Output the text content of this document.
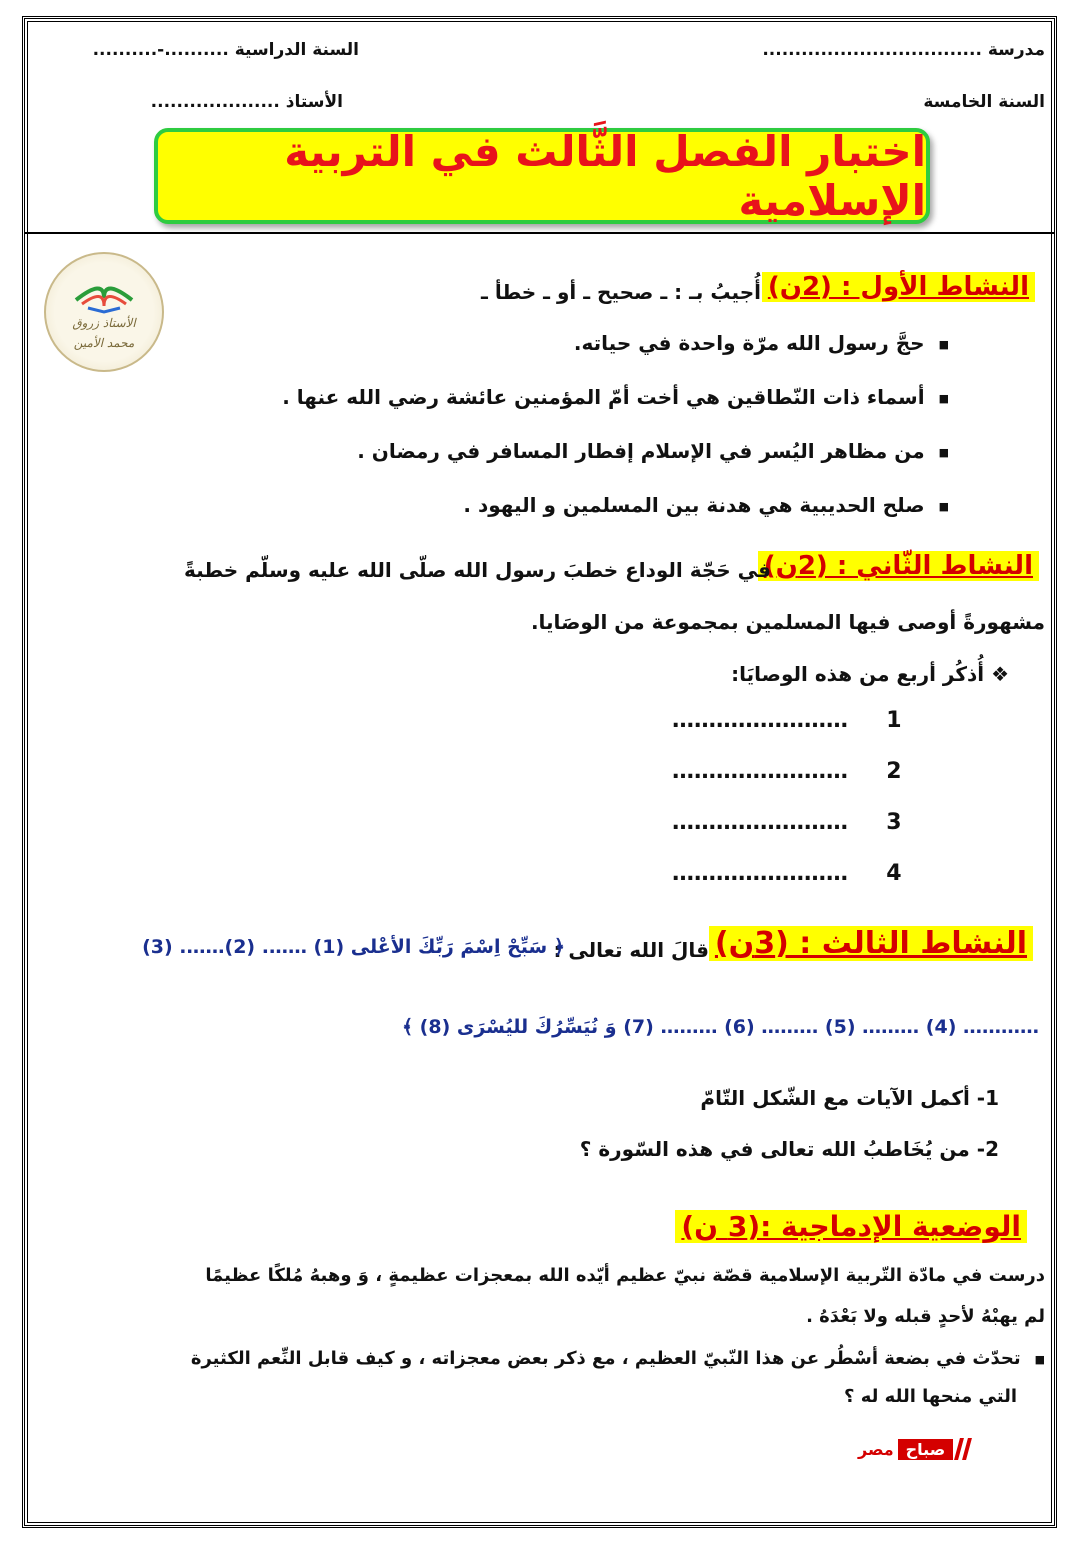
مدرسة ..................................
السنة الدراسية ..........-..........
السنة الخامسة
الأستاذ ....................
اختبار الفصل الثَّالث في التربية الإسلامية
الأستاذ زروق
محمد الأمين
النشاط الأول : (2ن)
أُجيبُ بـ : ـ صحيح ـ أو ـ خطأ ـ
■ حجَّ رسول الله مرّة واحدة في حياته.
■ أسماء ذات النّطاقين هي أخت أمّ المؤمنين عائشة رضي الله عنها .
■ من مظاهر اليُسر في الإسلام إفطار المسافر في رمضان .
■ صلح الحديبية هي هدنة بين المسلمين و اليهود .
النشاط الثّاني : (2ن)
في حَجّة الوداع خطبَ رسول الله صلّى الله عليه وسلّم خطبةً
مشهورةً أوصى فيها المسلمين بمجموعة من الوصَايا.
❖ أُذكُر أربع من هذه الوصايَا:
…………………… 1
…………………… 2
…………………… 3
…………………… 4
النشاط الثالث : (3ن)
قالَ الله تعالى :
﴿ سَبِّحْ اِسْمَ رَبِّكَ الأعْلى (1) ……. (2)……. (3)
………… (4) ……… (5) ……… (6) ……… (7) وَ نُيَسِّرُكَ لليُسْرَى (8) ﴾
1- أكمل الآيات مع الشّكل التّامّ
2- من يُخَاطبُ الله تعالى في هذه السّورة ؟
الوضعية الإدماجية :(3 ن)
درست في مادّة التّربية الإسلامية قصّة نبيّ عظيم أيّده الله بمعجزات عظيمةٍ ، وَ وهبهُ مُلكًا عظيمًا
لم يهبْهُ لأحدٍ قبله ولا بَعْدَهُ .
■ تحدّث في بضعة أسْطُر عن هذا النّبيّ العظيم ، مع ذكر بعض معجزاته ، و كيف قابل النِّعم الكثيرة
التي منحها الله له ؟
صباح
مصر
